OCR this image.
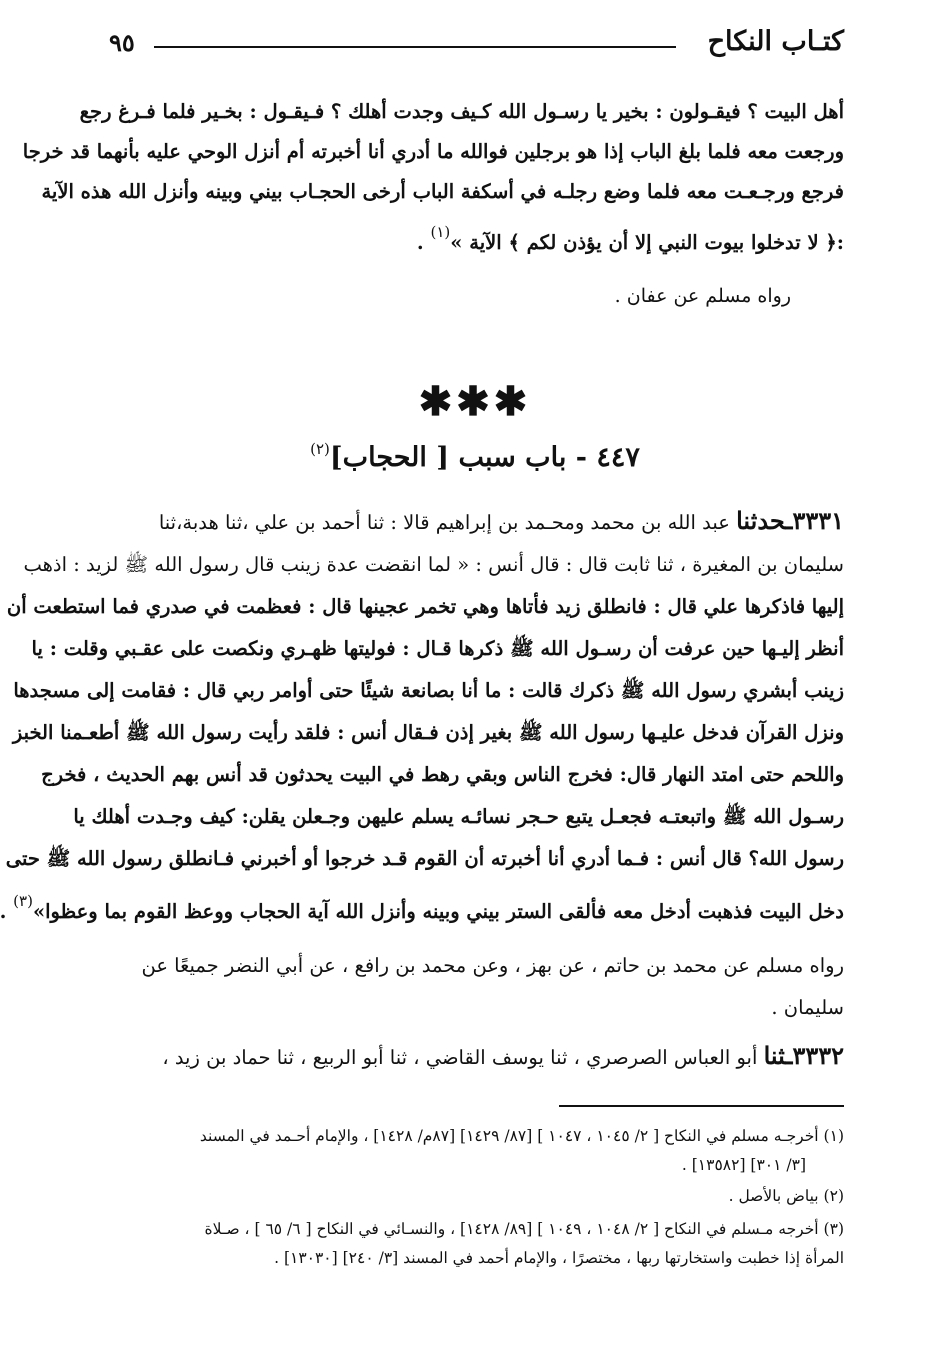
كتـاب النكاح
٩٥
أهل البيت ؟ فيقـولون : بخير يا رسـول الله كـيف وجدت أهلك ؟ فـيقـول : بخـير فلما فـرغ رجع
ورجعت معه فلما بلغ الباب إذا هو برجلين فوالله ما أدري أنا أخبرته أم أنزل الوحي عليه بأنهما قد خرجا
فرجع ورجـعـت معه فلما وضع رجلـه في أسكفة الباب أرخى الحجـاب بيني وبينه وأنزل الله هذه الآية
:﴿ لا تدخلوا بيوت النبي إلا أن يؤذن لكم ﴾ الآية »$^{(١)}$ .
رواه مسلم عن عفان .
✱✱✱
٤٤٧ - باب سبب [ الحجاب]$^{(٢)}$
٣٣٣١ـحدثنا عبد الله بن محمد ومحـمد بن إبراهيم قالا : ثنا أحمد بن علي ،ثنا هدبة،ثنا
سليمان بن المغيرة ، ثنا ثابت قال : قال أنس : « لما انقضت عدة زينب قال رسول الله ﷺ لزيد : اذهب
إليها فاذكرها علي قال : فانطلق زيد فأتاها وهي تخمر عجينها قال : فعظمت في صدري فما استطعت أن
أنظر إليـها حين عرفت أن رسـول الله ﷺ ذكرها قـال : فوليتها ظهـري ونكصت على عقـبي وقلت : يا
زينب أبشري رسول الله ﷺ ذكرك قالت : ما أنا بصانعة شيئًا حتى أوامر ربي قال : فقامت إلى مسجدها
ونزل القرآن فدخل عليـها رسول الله ﷺ بغير إذن فـقال أنس : فلقد رأيت رسول الله ﷺ أطعـمنا الخبز
واللحم حتى امتد النهار قال: فخرج الناس وبقي رهط في البيت يحدثون قد أنس بهم الحديث ، فخرج
رسـول الله ﷺ واتبعتـه فجعـل يتبع حـجر نسائـه يسلم عليهن وجـعلن يقلن: كيف وجـدت أهلك يا
رسول الله؟ قال أنس : فـما أدري أنا أخبرته أن القوم قـد خرجوا أو أخبرني فـانطلق رسول الله ﷺ حتى
دخل البيت فذهبت أدخل معه فألقى الستر بيني وبينه وأنزل الله آية الحجاب ووعظ القوم بما وعظوا»$^{(٣)}$ .
رواه مسلم عن محمد بن حاتم ، عن بهز ، وعن محمد بن رافع ، عن أبي النضر جميعًا عن
سليمان .
٣٣٣٢ـثنا أبو العباس الصرصري ، ثنا يوسف القاضي ، ثنا أبو الربيع ، ثنا حماد بن زيد ،
(١) أخرجـه مسلم في النكاح [ ٢/ ١٠٤٥ ، ١٠٤٧ ] [٨٧/ ١٤٢٩] [٨٧م/ ١٤٢٨] ، والإمام أحـمد في المسند
[٣/ ٣٠١] [١٣٥٨٢] .
(٢) بياض بالأصل .
(٣) أخرجه مـسلم في النكاح [ ٢/ ١٠٤٨ ، ١٠٤٩ ] [٨٩/ ١٤٢٨] ، والنسـائي في النكاح [ ٦/ ٦٥ ] ، صـلاة
المرأة إذا خطبت واستخارتها ربها ، مختصرًا ، والإمام أحمد في المسند [٣/ ٢٤٠] [١٣٠٣٠] .
